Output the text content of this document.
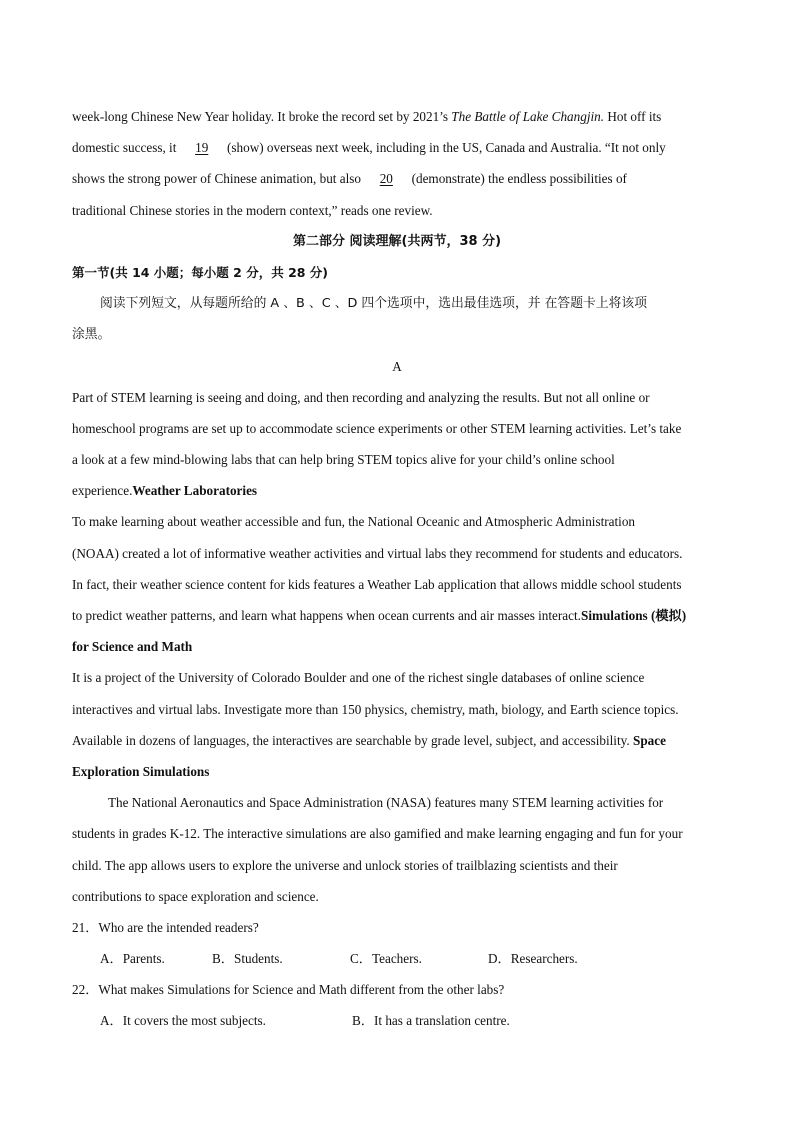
week-long Chinese New Year holiday. It broke the record set by 2021’s The Battle of Lake Changjin. Hot off its
domestic success, it 19 (show) overseas next week, including in the US, Canada and Australia. “It not only
shows the strong power of Chinese animation, but also 20 (demonstrate) the endless possibilities of
traditional Chinese stories in the modern context,” reads one review.
第二部分 阅读理解(共两节，38 分)
第一节(共 14 小题；每小题 2 分，共 28 分)
阅读下列短文，从每题所给的 A 、B 、C 、D 四个选项中，选出最佳选项，并 在答题卡上将该项
涂黑。
A
Part of STEM learning is seeing and doing, and then recording and analyzing the results. But not all online or
homeschool programs are set up to accommodate science experiments or other STEM learning activities. Let’s take
a look at a few mind-blowing labs that can help bring STEM topics alive for your child’s online school
experience.Weather Laboratories
To make learning about weather accessible and fun, the National Oceanic and Atmospheric Administration
(NOAA) created a lot of informative weather activities and virtual labs they recommend for students and educators.
In fact, their weather science content for kids features a Weather Lab application that allows middle school students
to predict weather patterns, and learn what happens when ocean currents and air masses interact.Simulations (模拟)
for Science and Math
It is a project of the University of Colorado Boulder and one of the richest single databases of online science
interactives and virtual labs. Investigate more than 150 physics, chemistry, math, biology, and Earth science topics.
Available in dozens of languages, the interactives are searchable by grade level, subject, and accessibility. Space
Exploration Simulations
The National Aeronautics and Space Administration (NASA) features many STEM learning activities for
students in grades K-12. The interactive simulations are also gamified and make learning engaging and fun for your
child. The app allows users to explore the universe and unlock stories of trailblazing scientists and their
contributions to space exploration and science.
21．Who are the intended readers?
A．Parents.	B．Students.	C．Teachers.	D．Researchers.
22．What makes Simulations for Science and Math different from the other labs?
A．It covers the most subjects.	B．It has a translation centre.
